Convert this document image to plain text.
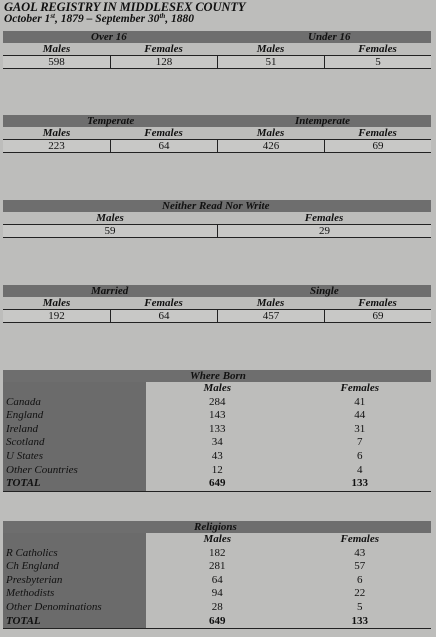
GAOL REGISTRY IN MIDDLESEX COUNTY
October 1st, 1879 – September 30th, 1880
Over 16	Under 16
Males	Females	Males	Females
598	128	51	5
Temperate	Intemperate
Males	Females	Males	Females
223	64	426	69
Neither Read Nor Write
Males	Females
59	29
Married	Single
Males	Females	Males	Females
192	64	457	69
Where Born
Males	Females
Canada	284	41
England	143	44
Ireland	133	31
Scotland	34	7
U States	43	6
Other Countries	12	4
TOTAL	649	133
Religions
Males	Females
R Catholics	182	43
Ch England	281	57
Presbyterian	64	6
Methodists	94	22
Other Denominations	28	5
TOTAL	649	133
